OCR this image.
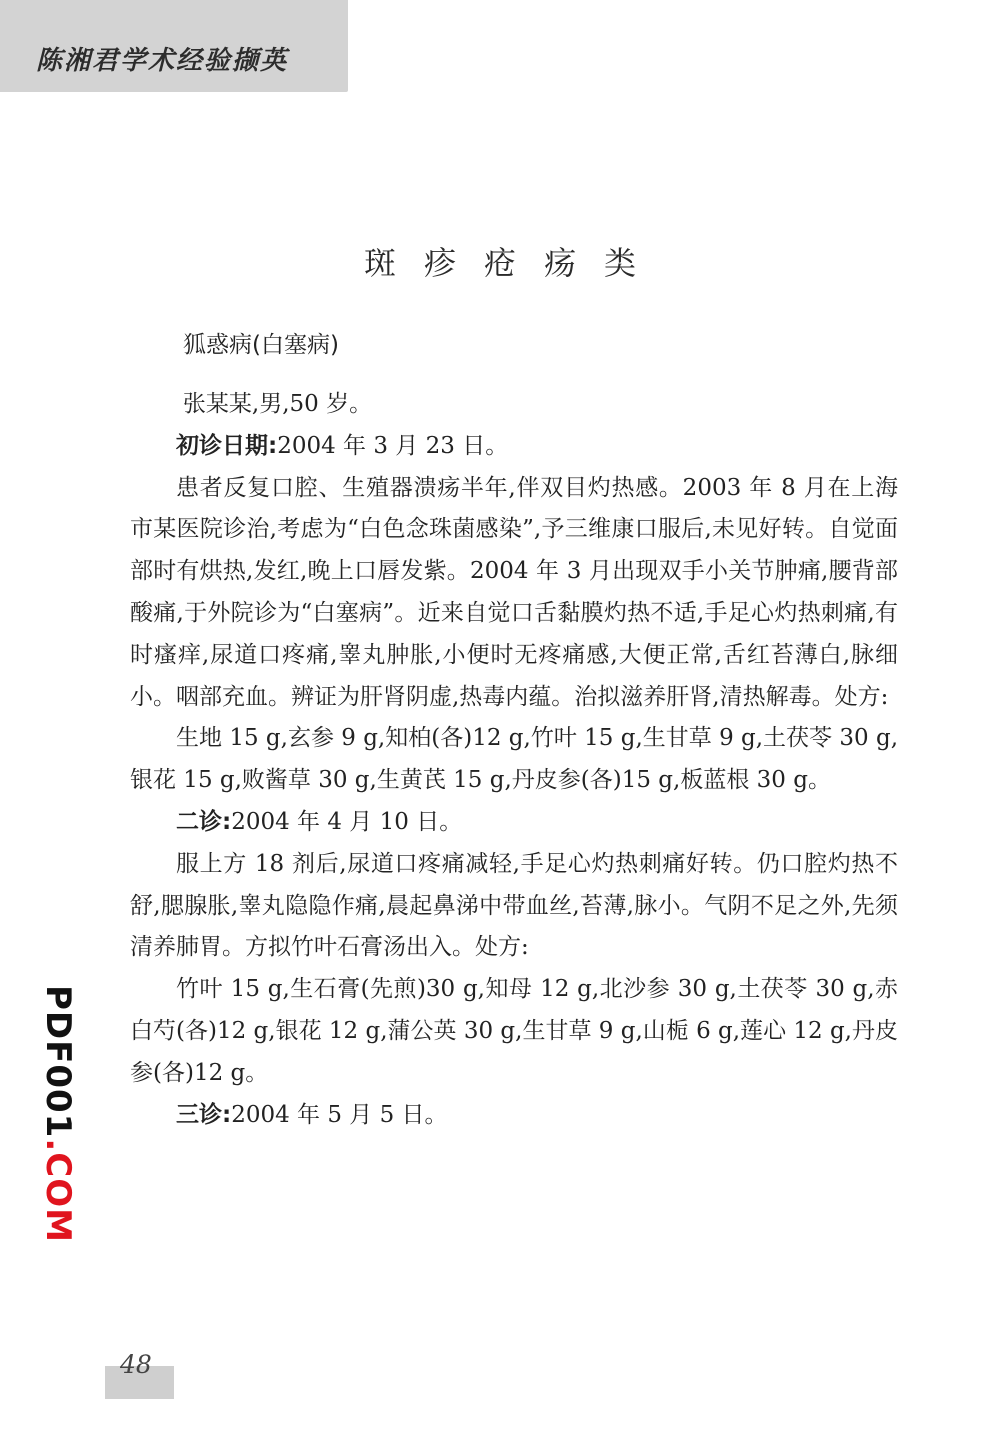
陈湘君学术经验撷英
斑疹疮疡类
狐惑病(白塞病)

张某某,男,50 岁。

初诊日期:2004 年 3 月 23 日。

患者反复口腔、生殖器溃疡半年,伴双目灼热感。2003 年 8 月在上海市某医院诊治,考虑为“白色念珠菌感染”,予三维康口服后,未见好转。自觉面部时有烘热,发红,晚上口唇发紫。2004 年 3 月出现双手小关节肿痛,腰背部酸痛,于外院诊为“白塞病”。近来自觉口舌黏膜灼热不适,手足心灼热刺痛,有时瘙痒,尿道口疼痛,睾丸肿胀,小便时无疼痛感,大便正常,舌红苔薄白,脉细小。咽部充血。辨证为肝肾阴虚,热毒内蕴。治拟滋养肝肾,清热解毒。处方:

生地 15 g,玄参 9 g,知柏(各)12 g,竹叶 15 g,生甘草 9 g,土茯苓 30 g,银花 15 g,败酱草 30 g,生黄芪 15 g,丹皮参(各)15 g,板蓝根 30 g。

二诊:2004 年 4 月 10 日。

服上方 18 剂后,尿道口疼痛减轻,手足心灼热刺痛好转。仍口腔灼热不舒,腮腺胀,睾丸隐隐作痛,晨起鼻涕中带血丝,苔薄,脉小。气阴不足之外,先须清养肺胃。方拟竹叶石膏汤出入。处方:

竹叶 15 g,生石膏(先煎)30 g,知母 12 g,北沙参 30 g,土茯苓 30 g,赤白芍(各)12 g,银花 12 g,蒲公英 30 g,生甘草 9 g,山栀 6 g,莲心 12 g,丹皮参(各)12 g。

三诊:2004 年 5 月 5 日。

PDF001.COM
48
